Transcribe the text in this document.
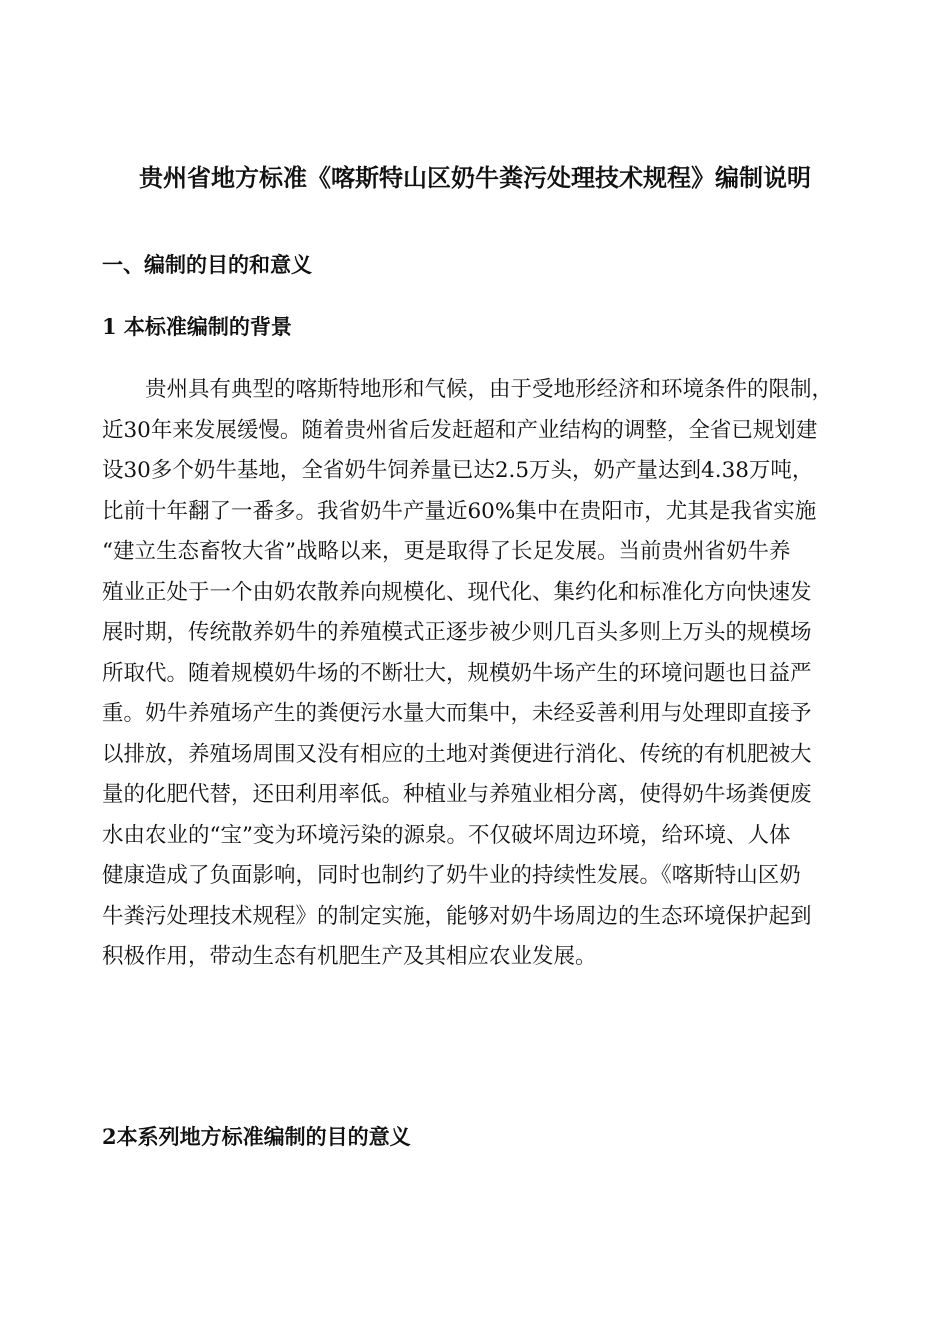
贵州省地方标准《喀斯特山区奶牛粪污处理技术规程》编制说明
一、编制的目的和意义
1 本标准编制的背景
贵州具有典型的喀斯特地形和气候，由于受地形经济和环境条件的限制，
近30年来发展缓慢。随着贵州省后发赶超和产业结构的调整，全省已规划建
设30多个奶牛基地，全省奶牛饲养量已达2.5万头，奶产量达到4.38万吨，
比前十年翻了一番多。我省奶牛产量近60%集中在贵阳市，尤其是我省实施
“建立生态畜牧大省”战略以来，更是取得了长足发展。当前贵州省奶牛养
殖业正处于一个由奶农散养向规模化、现代化、集约化和标准化方向快速发
展时期，传统散养奶牛的养殖模式正逐步被少则几百头多则上万头的规模场
所取代。随着规模奶牛场的不断壮大，规模奶牛场产生的环境问题也日益严
重。奶牛养殖场产生的粪便污水量大而集中，未经妥善利用与处理即直接予
以排放，养殖场周围又没有相应的土地对粪便进行消化、传统的有机肥被大
量的化肥代替，还田利用率低。种植业与养殖业相分离，使得奶牛场粪便废
水由农业的“宝”变为环境污染的源泉。不仅破坏周边环境，给环境、人体
健康造成了负面影响，同时也制约了奶牛业的持续性发展。《喀斯特山区奶
牛粪污处理技术规程》的制定实施，能够对奶牛场周边的生态环境保护起到
积极作用，带动生态有机肥生产及其相应农业发展。
2本系列地方标准编制的目的意义
